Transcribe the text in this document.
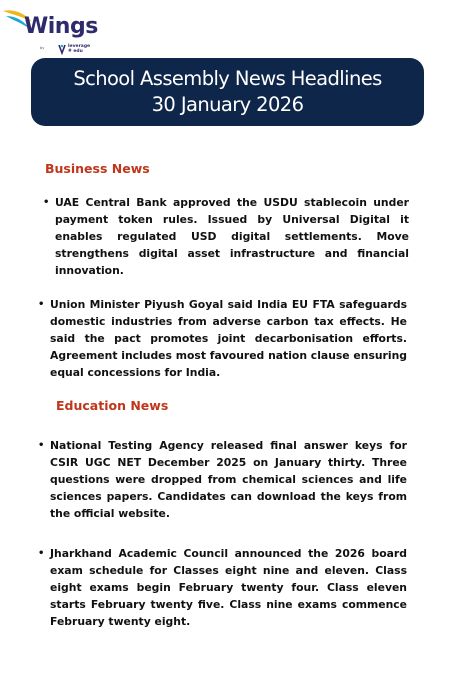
Wings
by	leverage
# edu
School Assembly News Headlines
30 January 2026
Business News
• UAE Central Bank approved the USDU stablecoin under payment token rules. Issued by Universal Digital it enables regulated USD digital settlements. Move strengthens digital asset infrastructure and financial innovation.
• Union Minister Piyush Goyal said India EU FTA safeguards domestic industries from adverse carbon tax effects. He said the pact promotes joint decarbonisation efforts. Agreement includes most favoured nation clause ensuring equal concessions for India.
Education News
• National Testing Agency released final answer keys for CSIR UGC NET December 2025 on January thirty. Three questions were dropped from chemical sciences and life sciences papers. Candidates can download the keys from the official website.
• Jharkhand Academic Council announced the 2026 board exam schedule for Classes eight nine and eleven. Class eight exams begin February twenty four. Class eleven starts February twenty five. Class nine exams commence February twenty eight.
